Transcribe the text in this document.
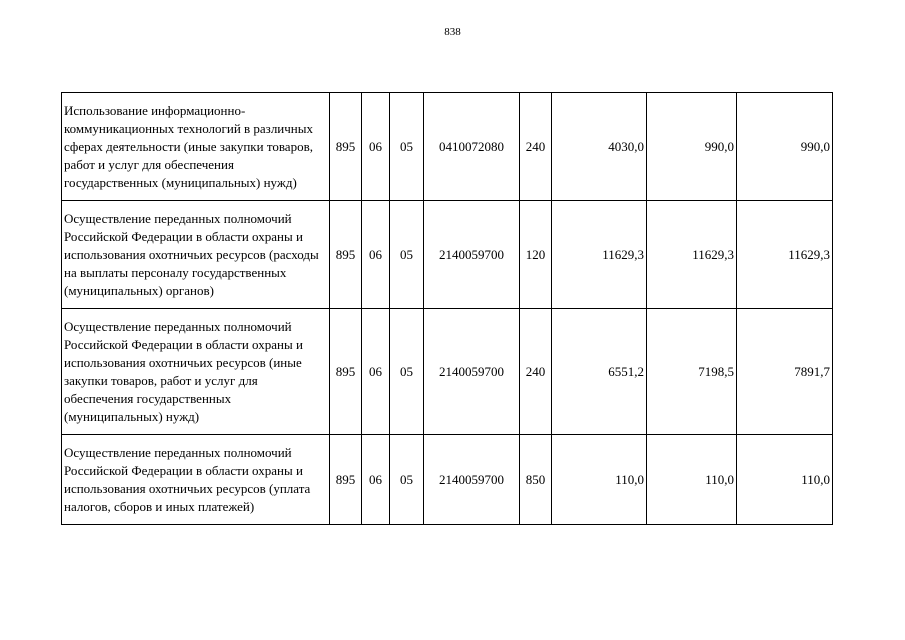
838
Использование информационно-коммуникационных технологий в различных сферах деятельности (иные закупки товаров, работ и услуг для обеспечения государственных (муниципальных) нужд)	895	06	05	0410072080	240	4030,0	990,0	990,0
Осуществление переданных полномочий Российской Федерации в области охраны и использования охотничьих ресурсов (расходы на выплаты персоналу государственных (муниципальных) органов)	895	06	05	2140059700	120	11629,3	11629,3	11629,3
Осуществление переданных полномочий Российской Федерации в области охраны и использования охотничьих ресурсов (иные закупки товаров, работ и услуг для обеспечения государственных (муниципальных) нужд)	895	06	05	2140059700	240	6551,2	7198,5	7891,7
Осуществление переданных полномочий Российской Федерации в области охраны и использования охотничьих ресурсов (уплата налогов, сборов и иных платежей)	895	06	05	2140059700	850	110,0	110,0	110,0
